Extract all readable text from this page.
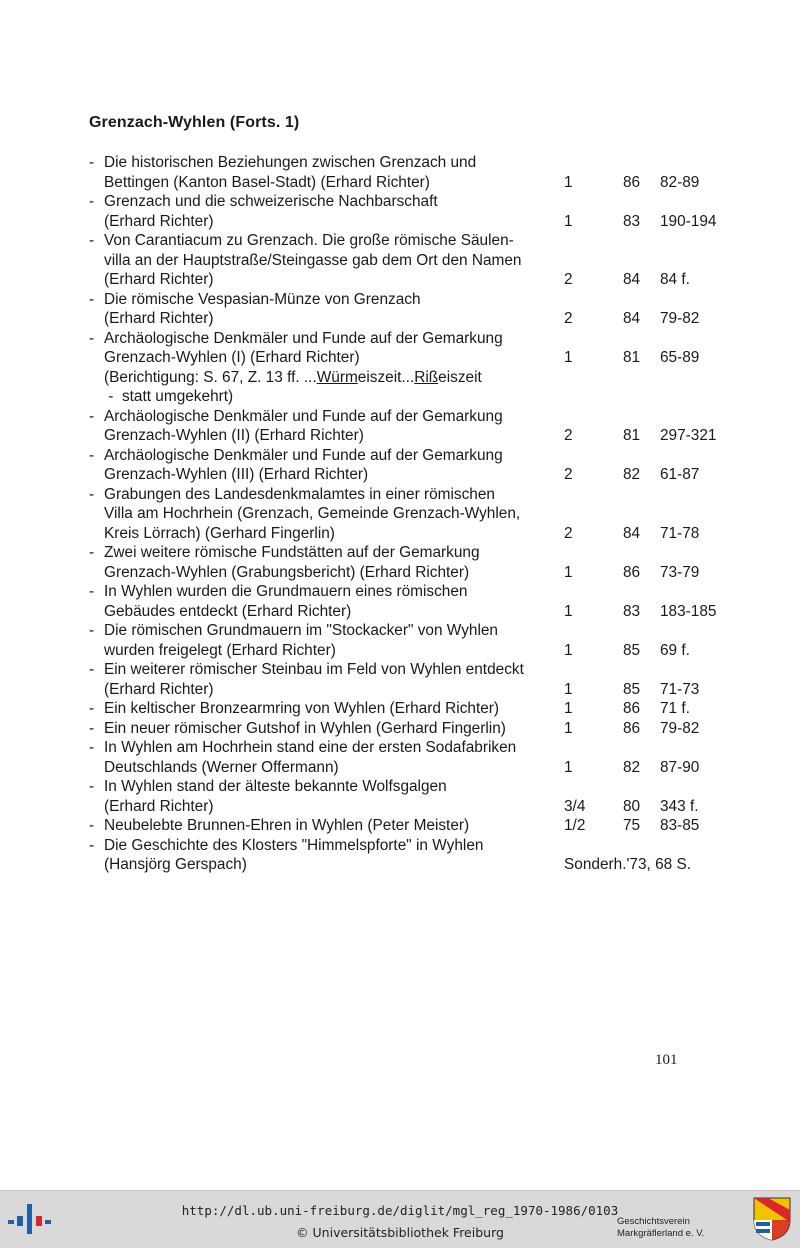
Grenzach-Wyhlen (Forts. 1)
- Die historischen Beziehungen zwischen Grenzach und
Bettingen (Kanton Basel-Stadt) (Erhard Richter)	1	86 82-89
- Grenzach und die schweizerische Nachbarschaft
(Erhard Richter)	1	83 190-194
- Von Carantiacum zu Grenzach. Die große römische Säulen-
villa an der Hauptstraße/Steingasse gab dem Ort den Namen
(Erhard Richter)	2	84 84 f.
- Die römische Vespasian-Münze von Grenzach
(Erhard Richter)	2	84 79-82
- Archäologische Denkmäler und Funde auf der Gemarkung
Grenzach-Wyhlen (I) (Erhard Richter)	1	81 65-89
(Berichtigung: S. 67, Z. 13 ff. ...Würmeiszeit...Rißeiszeit
-  statt umgekehrt)
- Archäologische Denkmäler und Funde auf der Gemarkung
Grenzach-Wyhlen (II) (Erhard Richter)	2	81 297-321
- Archäologische Denkmäler und Funde auf der Gemarkung
Grenzach-Wyhlen (III) (Erhard Richter)	2	82 61-87
- Grabungen des Landesdenkmalamtes in einer römischen
Villa am Hochrhein (Grenzach, Gemeinde Grenzach-Wyhlen,
Kreis Lörrach) (Gerhard Fingerlin)	2	84 71-78
- Zwei weitere römische Fundstätten auf der Gemarkung
Grenzach-Wyhlen (Grabungsbericht) (Erhard Richter)	1	86 73-79
- In Wyhlen wurden die Grundmauern eines römischen
Gebäudes entdeckt (Erhard Richter)	1	83 183-185
- Die römischen Grundmauern im "Stockacker" von Wyhlen
wurden freigelegt (Erhard Richter)	1	85 69 f.
- Ein weiterer römischer Steinbau im Feld von Wyhlen entdeckt
(Erhard Richter)	1	85 71-73
- Ein keltischer Bronzearmring von Wyhlen (Erhard Richter)	1	86 71 f.
- Ein neuer römischer Gutshof in Wyhlen (Gerhard Fingerlin)	1	86 79-82
- In Wyhlen am Hochrhein stand eine der ersten Sodafabriken
Deutschlands (Werner Offermann)	1	82 87-90
- In Wyhlen stand der älteste bekannte Wolfsgalgen
(Erhard Richter)	3/4 80 343 f.
- Neubelebte Brunnen-Ehren in Wyhlen (Peter Meister)	1/2 75 83-85
- Die Geschichte des Klosters "Himmelspforte" in Wyhlen
(Hansjörg Gerspach)	Sonderh.'73, 68 S.
101
http://dl.ub.uni-freiburg.de/diglit/mgl_reg_1970-1986/0103
© Universitätsbibliothek Freiburg
Geschichtsverein
Markgräflerland e. V.
